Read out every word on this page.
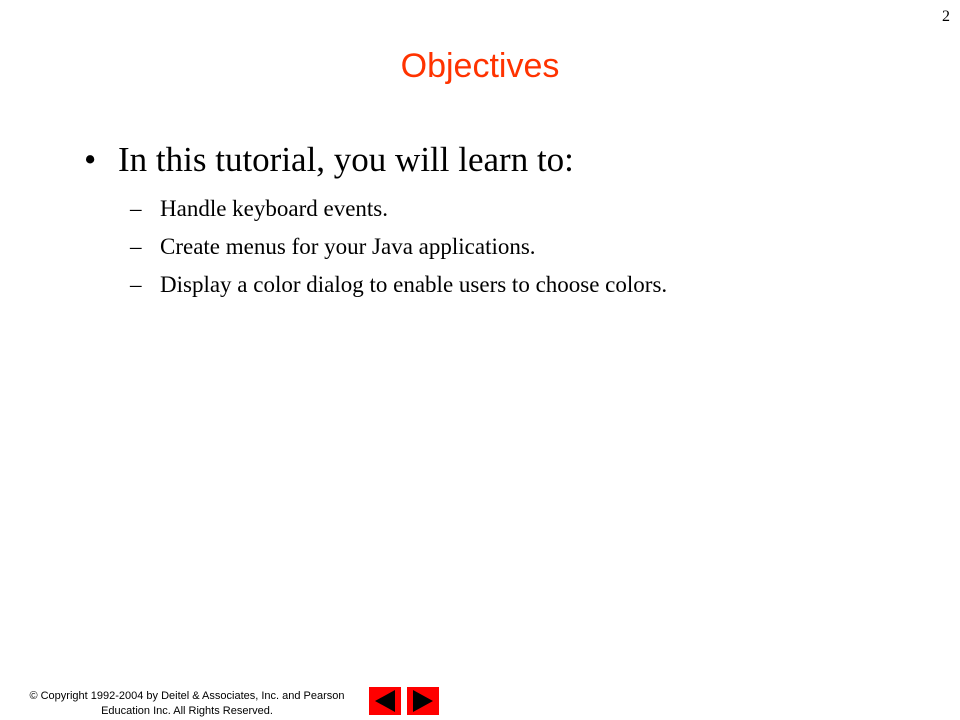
2
Objectives
• In this tutorial, you will learn to:
– Handle keyboard events.
– Create menus for your Java applications.
– Display a color dialog to enable users to choose colors.
© Copyright 1992-2004 by Deitel & Associates, Inc. and Pearson
Education Inc. All Rights Reserved.
